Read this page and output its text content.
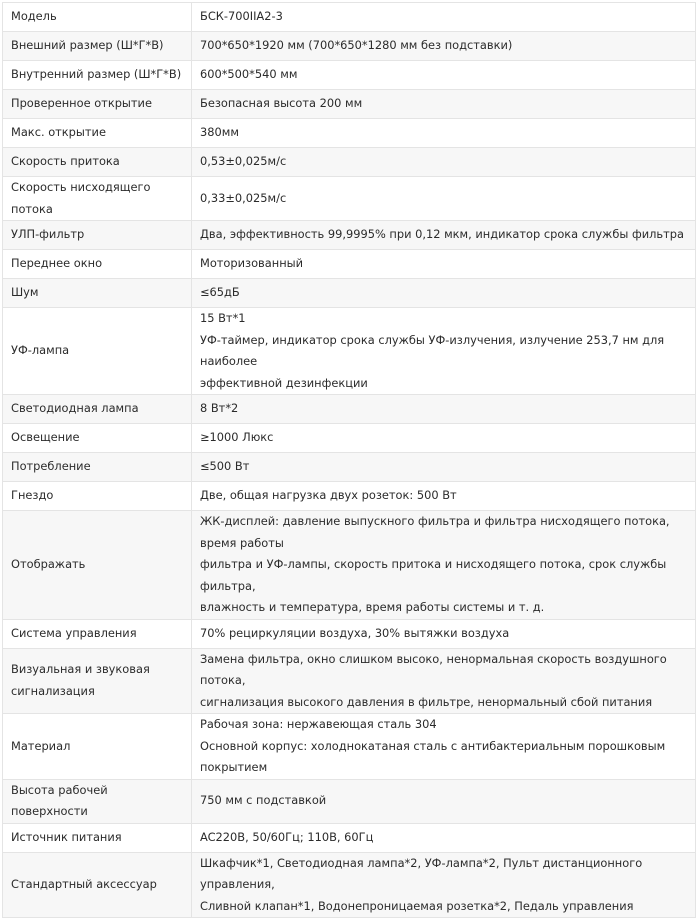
Модель	БСК-700IIA2-3

Внешний размер (Ш*Г*В)	700*650*1920 мм (700*650*1280 мм без подставки)

Внутренний размер (Ш*Г*В)	600*500*540 мм

Проверенное открытие	Безопасная высота 200 мм

Макс. открытие	380мм

Скорость притока	0,53±0,025м/с

Скорость нисходящего потока	0,33±0,025м/с

УЛП-фильтр	Два, эффективность 99,9995% при 0,12 мкм, индикатор срока службы фильтра

Переднее окно	Моторизованный

Шум	≤65дБ

УФ-лампа	15 Вт*1
УФ-таймер, индикатор срока службы УФ-излучения, излучение 253,7 нм для наиболее
эффективной дезинфекции

Светодиодная лампа	8 Вт*2

Освещение	≥1000 Люкс

Потребление	≤500 Вт

Гнездо	Две, общая нагрузка двух розеток: 500 Вт

Отображать	ЖК-дисплей: давление выпускного фильтра и фильтра нисходящего потока, время работы
фильтра и УФ-лампы, скорость притока и нисходящего потока, срок службы фильтра,
влажность и температура, время работы системы и т. д.

Система управления	70% рециркуляции воздуха, 30% вытяжки воздуха

Визуальная и звуковая сигнализация	Замена фильтра, окно слишком высоко, ненормальная скорость воздушного потока,
сигнализация высокого давления в фильтре, ненормальный сбой питания

Материал	Рабочая зона: нержавеющая сталь 304
Основной корпус: холоднокатаная сталь с антибактериальным порошковым покрытием

Высота рабочей поверхности	750 мм с подставкой

Источник питания	AC220В, 50/60Гц; 110В, 60Гц

Стандартный аксессуар	Шкафчик*1, Светодиодная лампа*2, УФ-лампа*2, Пульт дистанционного управления,
Сливной клапан*1, Водонепроницаемая розетка*2, Педаль управления
